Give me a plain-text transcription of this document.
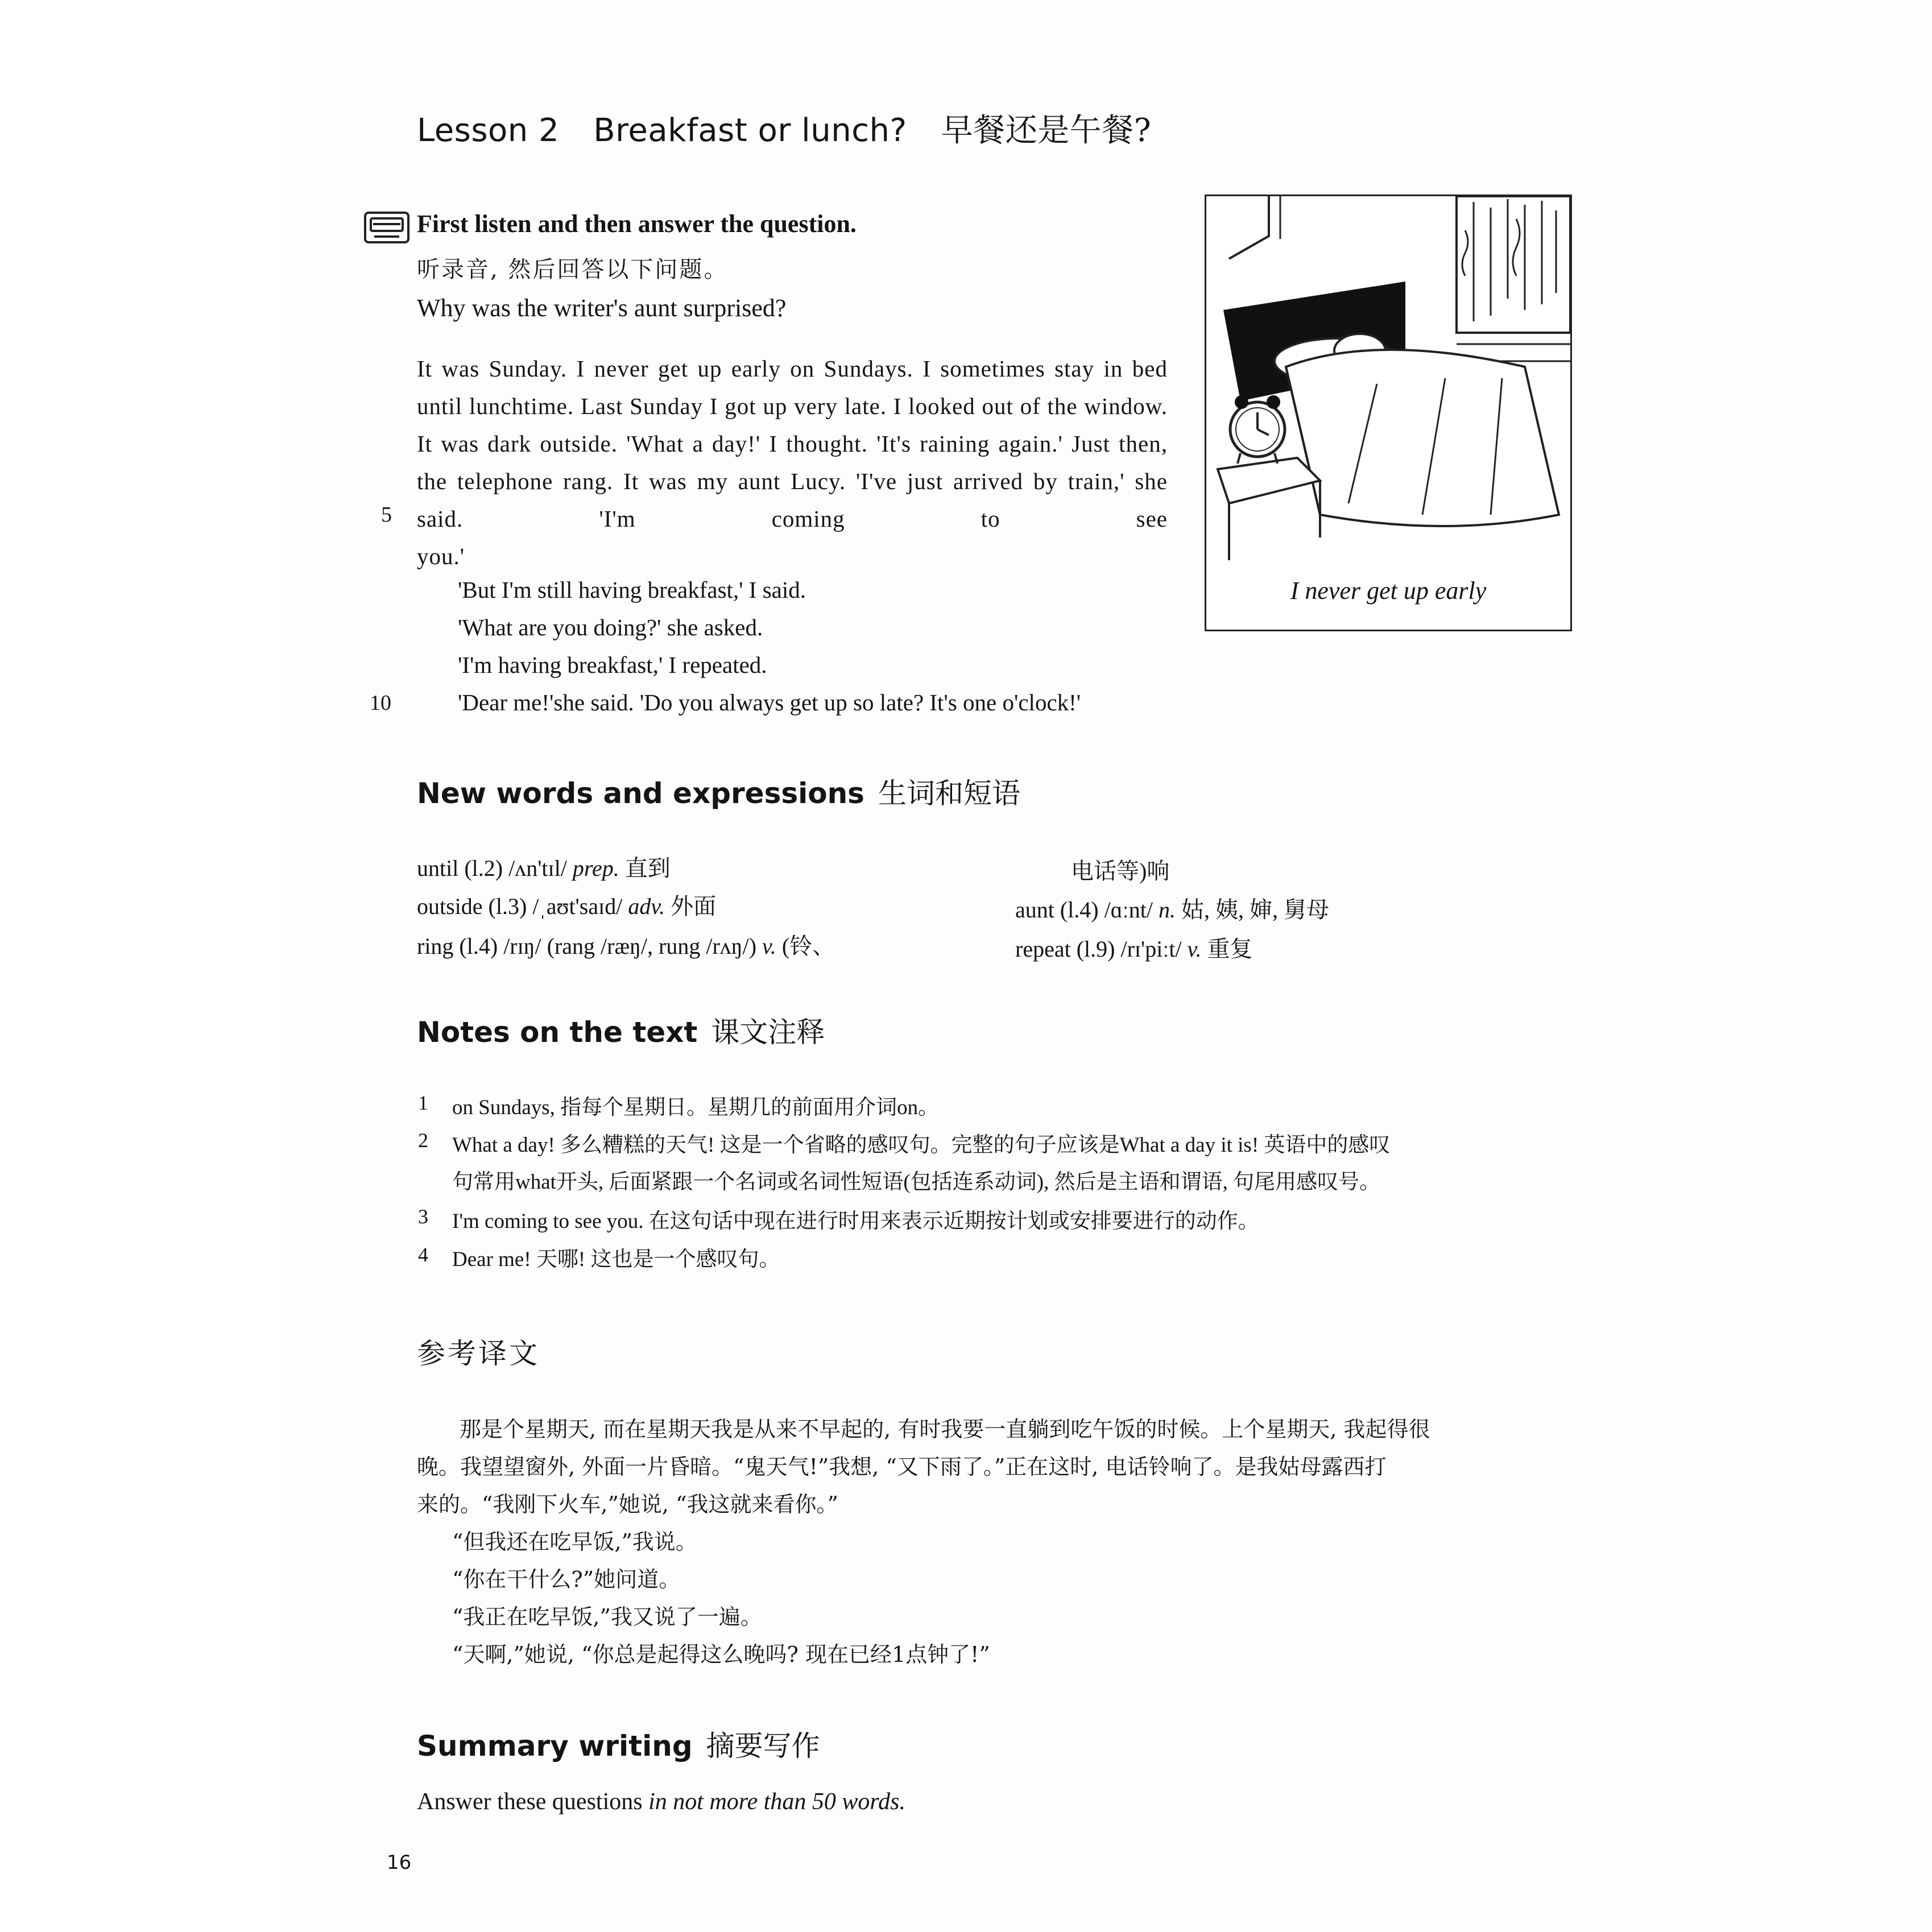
Lesson 2 Breakfast or lunch? 早餐还是午餐?
First listen and then answer the question.
听录音, 然后回答以下问题。
Why was the writer's aunt surprised?

It was Sunday. I never get up early on Sundays. I sometimes stay in bed until lunchtime. Last Sunday I got up very late. I looked out of the window. It was dark outside. 'What a day!' I thought. 'It's raining again.' Just then, the telephone rang. It was my aunt Lucy. 'I've just arrived by train,' she said. 'I'm coming to see

you.'

5
'But I'm still having breakfast,' I said.
'What are you doing?' she asked.
'I'm having breakfast,' I repeated.
10	'Dear me!'she said. 'Do you always get up so late? It's one o'clock!'
I never get up early
New words and expressions 生词和短语
until (l.2) /ʌn'tɪl/ prep. 直到
outside (l.3) /ˌaʊt'saɪd/ adv. 外面
ring (l.4) /rɪŋ/ (rang /ræŋ/, rung /rʌŋ/) v. (铃、
电话等)响
aunt (l.4) /ɑːnt/ n. 姑, 姨, 婶, 舅母
repeat (l.9) /rɪ'piːt/ v. 重复
Notes on the text 课文注释
1 on Sundays, 指每个星期日。星期几的前面用介词on。
2 What a day! 多么糟糕的天气! 这是一个省略的感叹句。完整的句子应该是What a day it is! 英语中的感叹
句常用what开头, 后面紧跟一个名词或名词性短语(包括连系动词), 然后是主语和谓语, 句尾用感叹号。
3 I'm coming to see you. 在这句话中现在进行时用来表示近期按计划或安排要进行的动作。
4 Dear me! 天哪! 这也是一个感叹句。
参考译文
那是个星期天, 而在星期天我是从来不早起的, 有时我要一直躺到吃午饭的时候。上个星期天, 我起得很
晚。我望望窗外, 外面一片昏暗。“鬼天气!”我想, “又下雨了。”正在这时, 电话铃响了。是我姑母露西打
来的。“我刚下火车,”她说, “我这就来看你。”
“但我还在吃早饭,”我说。
“你在干什么?”她问道。
“我正在吃早饭,”我又说了一遍。
“天啊,”她说, “你总是起得这么晚吗? 现在已经1点钟了!”
Summary writing 摘要写作
Answer these questions in not more than 50 words.
16
